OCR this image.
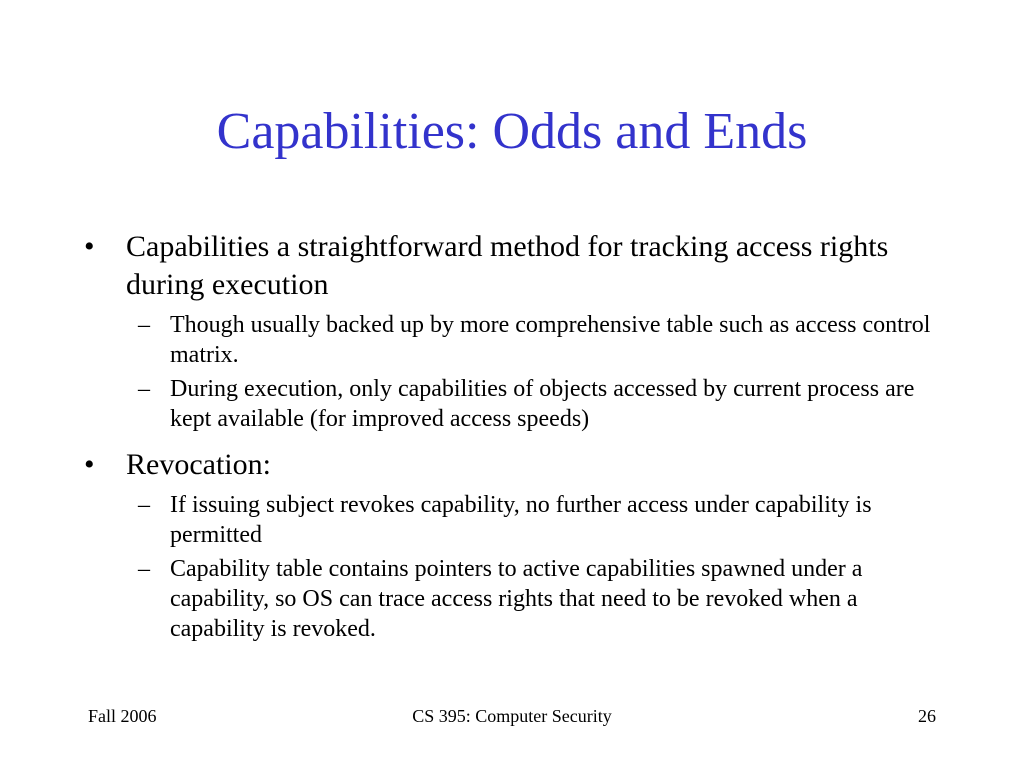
Capabilities: Odds and Ends
•	Capabilities a straightforward method for tracking access rights during execution
– Though usually backed up by more comprehensive table such as access control matrix.
– During execution, only capabilities of objects accessed by current process are kept available (for improved access speeds)
•	Revocation:
– If issuing subject revokes capability, no further access under capability is permitted
– Capability table contains pointers to active capabilities spawned under a capability, so OS can trace access rights that need to be revoked when a capability is revoked.
Fall 2006	CS 395: Computer Security	26
